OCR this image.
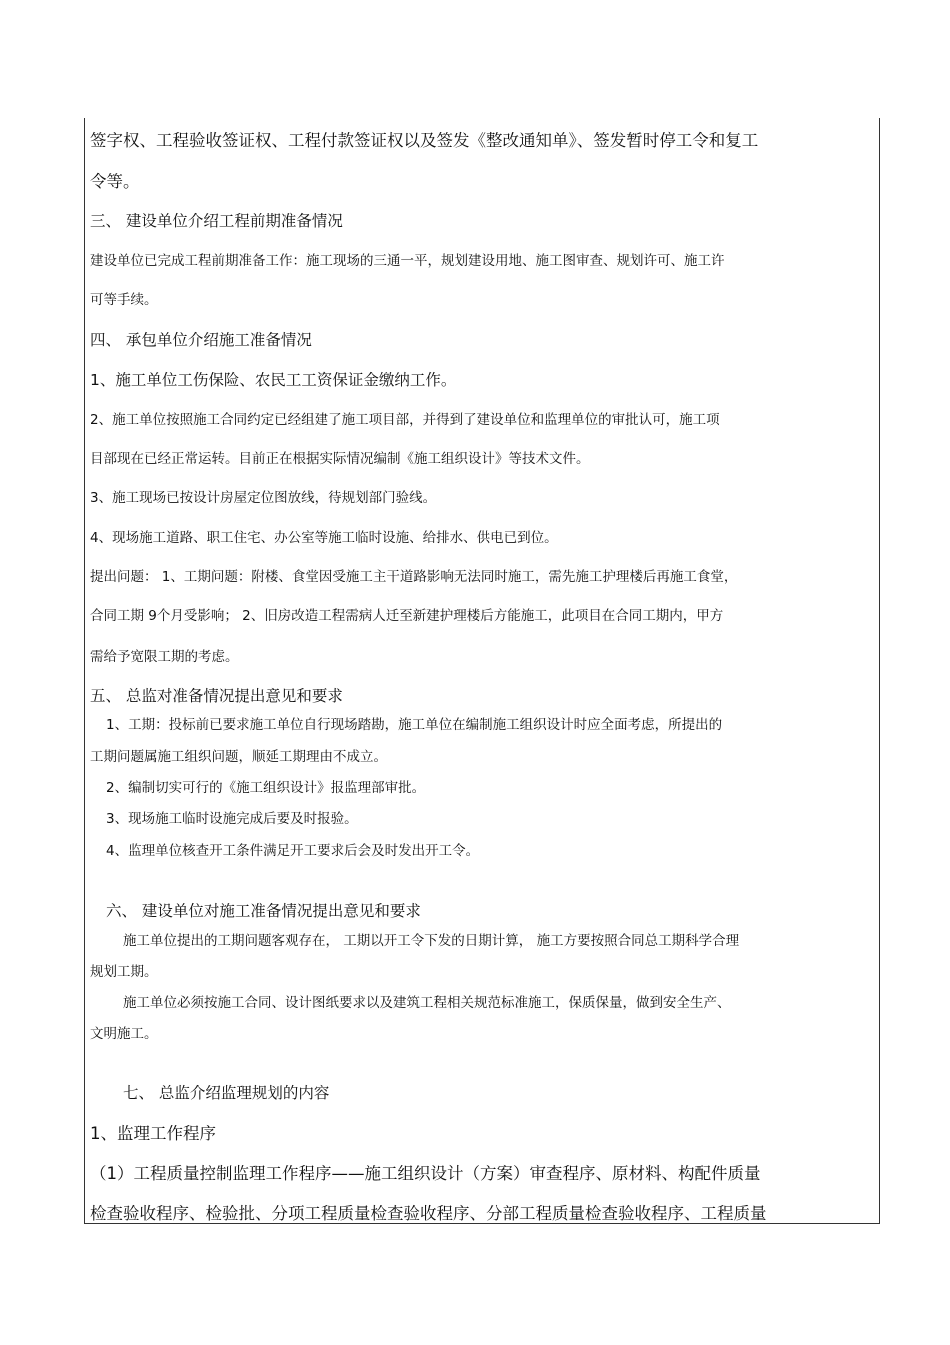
签字权、工程验收签证权、工程付款签证权以及签发《整改通知单》、签发暂时停工令和复工
令等。
三、 建设单位介绍工程前期准备情况
建设单位已完成工程前期准备工作：施工现场的三通一平，规划建设用地、施工图审查、规划许可、施工许
可等手续。
四、 承包单位介绍施工准备情况
1、施工单位工伤保险、农民工工资保证金缴纳工作。
2、施工单位按照施工合同约定已经组建了施工项目部，并得到了建设单位和监理单位的审批认可，施工项
目部现在已经正常运转。目前正在根据实际情况编制《施工组织设计》等技术文件。
3、施工现场已按设计房屋定位图放线，待规划部门验线。
4、现场施工道路、职工住宅、办公室等施工临时设施、给排水、供电已到位。
提出问题： 1、工期问题：附楼、食堂因受施工主干道路影响无法同时施工，需先施工护理楼后再施工食堂，
合同工期 9个月受影响； 2、旧房改造工程需病人迁至新建护理楼后方能施工，此项目在合同工期内，甲方
需给予宽限工期的考虑。
五、 总监对准备情况提出意见和要求
1、工期：投标前已要求施工单位自行现场踏勘，施工单位在编制施工组织设计时应全面考虑，所提出的
工期问题属施工组织问题，顺延工期理由不成立。
2、编制切实可行的《施工组织设计》报监理部审批。
3、现场施工临时设施完成后要及时报验。
4、监理单位核查开工条件满足开工要求后会及时发出开工令。
六、 建设单位对施工准备情况提出意见和要求
施工单位提出的工期问题客观存在， 工期以开工令下发的日期计算， 施工方要按照合同总工期科学合理
规划工期。
施工单位必须按施工合同、设计图纸要求以及建筑工程相关规范标准施工，保质保量，做到安全生产、
文明施工。
七、 总监介绍监理规划的内容
1、监理工作程序
（1）工程质量控制监理工作程序——施工组织设计（方案）审查程序、原材料、构配件质量
检查验收程序、检验批、分项工程质量检查验收程序、分部工程质量检查验收程序、工程质量
